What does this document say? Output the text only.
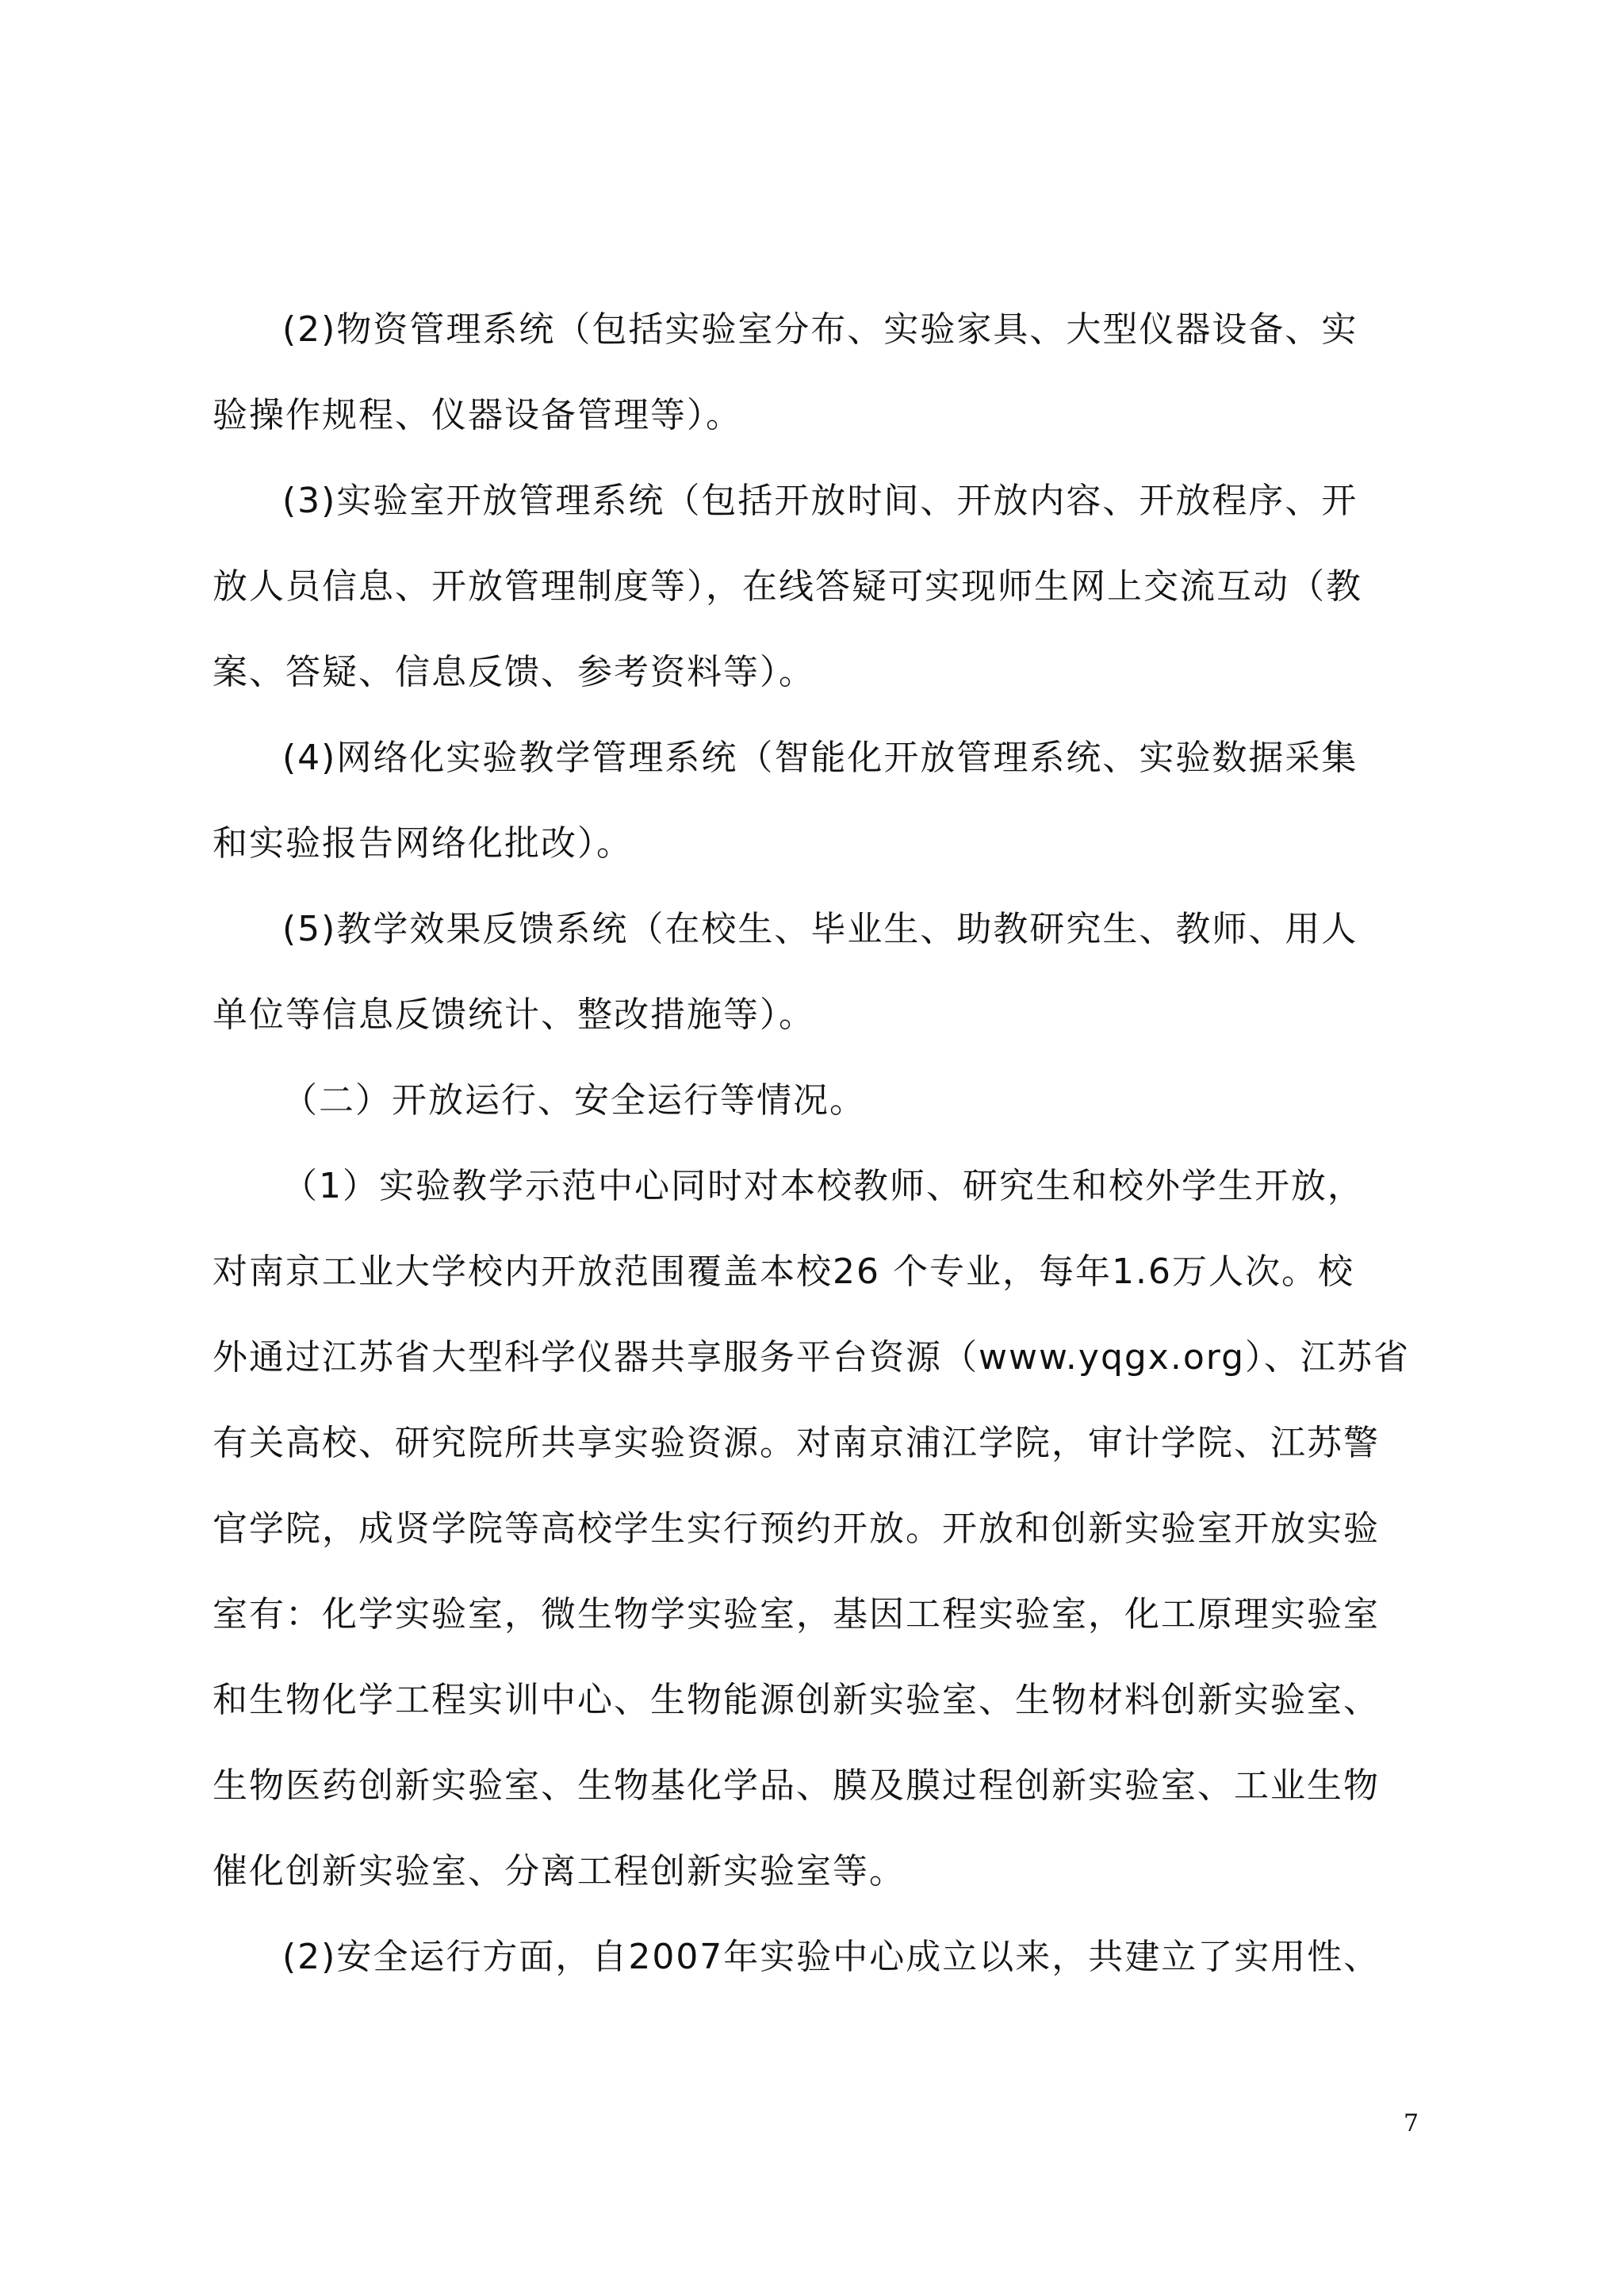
(2)物资管理系统（包括实验室分布、实验家具、大型仪器设备、实
验操作规程、仪器设备管理等）。
(3)实验室开放管理系统（包括开放时间、开放内容、开放程序、开
放人员信息、开放管理制度等），在线答疑可实现师生网上交流互动（教
案、答疑、信息反馈、参考资料等）。
(4)网络化实验教学管理系统（智能化开放管理系统、实验数据采集
和实验报告网络化批改）。
(5)教学效果反馈系统（在校生、毕业生、助教研究生、教师、用人
单位等信息反馈统计、整改措施等）。
（二）开放运行、安全运行等情况。
（1）实验教学示范中心同时对本校教师、研究生和校外学生开放，
对南京工业大学校内开放范围覆盖本校26 个专业，每年1.6万人次。校
外通过江苏省大型科学仪器共享服务平台资源（www.yqgx.org）、江苏省
有关高校、研究院所共享实验资源。对南京浦江学院，审计学院、江苏警
官学院，成贤学院等高校学生实行预约开放。开放和创新实验室开放实验
室有：化学实验室，微生物学实验室，基因工程实验室，化工原理实验室
和生物化学工程实训中心、生物能源创新实验室、生物材料创新实验室、
生物医药创新实验室、生物基化学品、膜及膜过程创新实验室、工业生物
催化创新实验室、分离工程创新实验室等。
(2)安全运行方面，自2007年实验中心成立以来，共建立了实用性、
7
